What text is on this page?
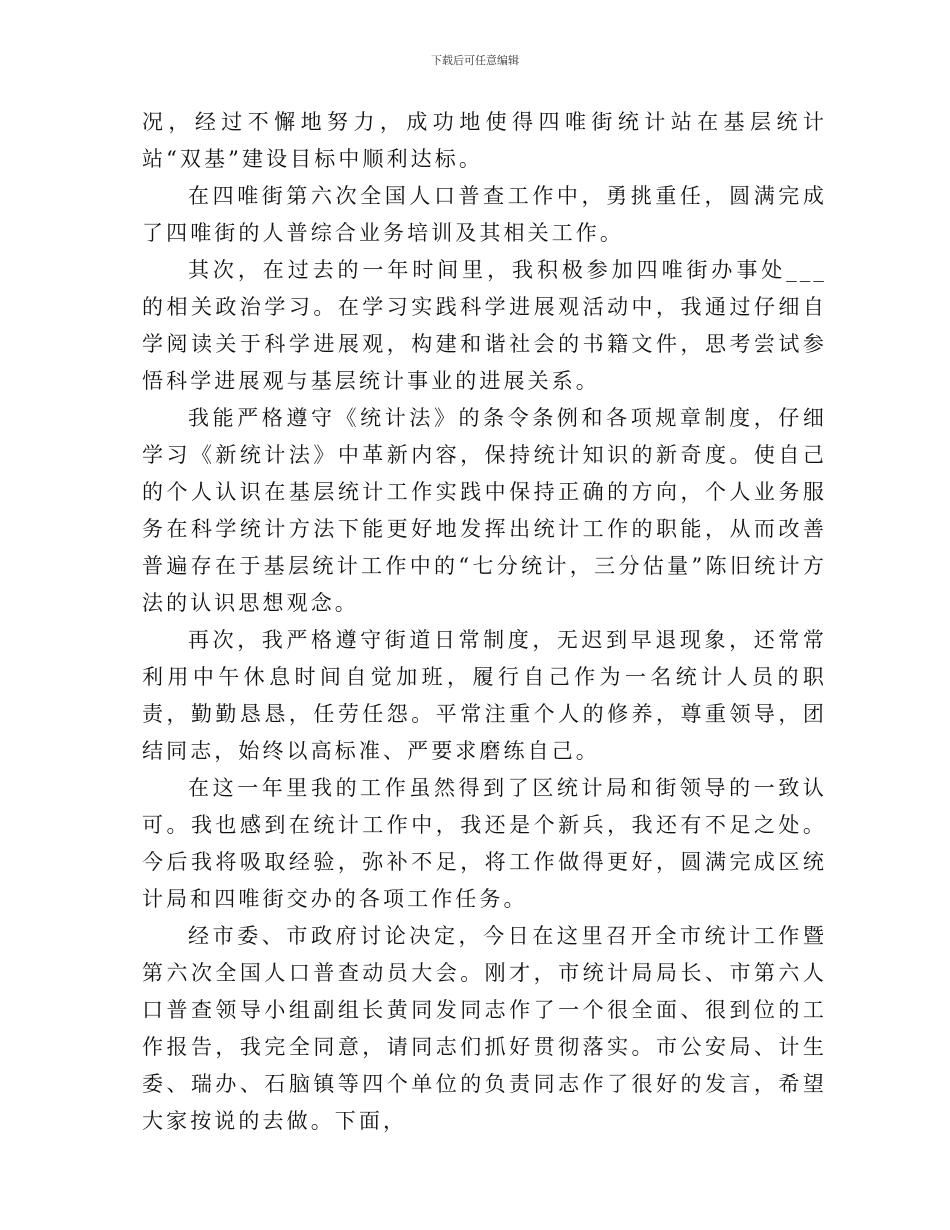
下载后可任意编辑

况，经过不懈地努力，成功地使得四唯街统计站在基层统计站“双基”建设目标中顺利达标。

在四唯街第六次全国人口普查工作中，勇挑重任，圆满完成了四唯街的人普综合业务培训及其相关工作。

其次，在过去的一年时间里，我积极参加四唯街办事处___的相关政治学习。在学习实践科学进展观活动中，我通过仔细自学阅读关于科学进展观，构建和谐社会的书籍文件，思考尝试参悟科学进展观与基层统计事业的进展关系。

我能严格遵守《统计法》的条令条例和各项规章制度，仔细学习《新统计法》中革新内容，保持统计知识的新奇度。使自己的个人认识在基层统计工作实践中保持正确的方向，个人业务服务在科学统计方法下能更好地发挥出统计工作的职能，从而改善普遍存在于基层统计工作中的“七分统计，三分估量”陈旧统计方法的认识思想观念。

再次，我严格遵守街道日常制度，无迟到早退现象，还常常利用中午休息时间自觉加班，履行自己作为一名统计人员的职责，勤勤恳恳，任劳任怨。平常注重个人的修养，尊重领导，团结同志，始终以高标准、严要求磨练自己。

在这一年里我的工作虽然得到了区统计局和街领导的一致认可。我也感到在统计工作中，我还是个新兵，我还有不足之处。今后我将吸取经验，弥补不足，将工作做得更好，圆满完成区统计局和四唯街交办的各项工作任务。

经市委、市政府讨论决定，今日在这里召开全市统计工作暨第六次全国人口普查动员大会。刚才，市统计局局长、市第六人口普查领导小组副组长黄同发同志作了一个很全面、很到位的工作报告，我完全同意，请同志们抓好贯彻落实。市公安局、计生委、瑞办、石脑镇等四个单位的负责同志作了很好的发言，希望大家按说的去做。下面，
